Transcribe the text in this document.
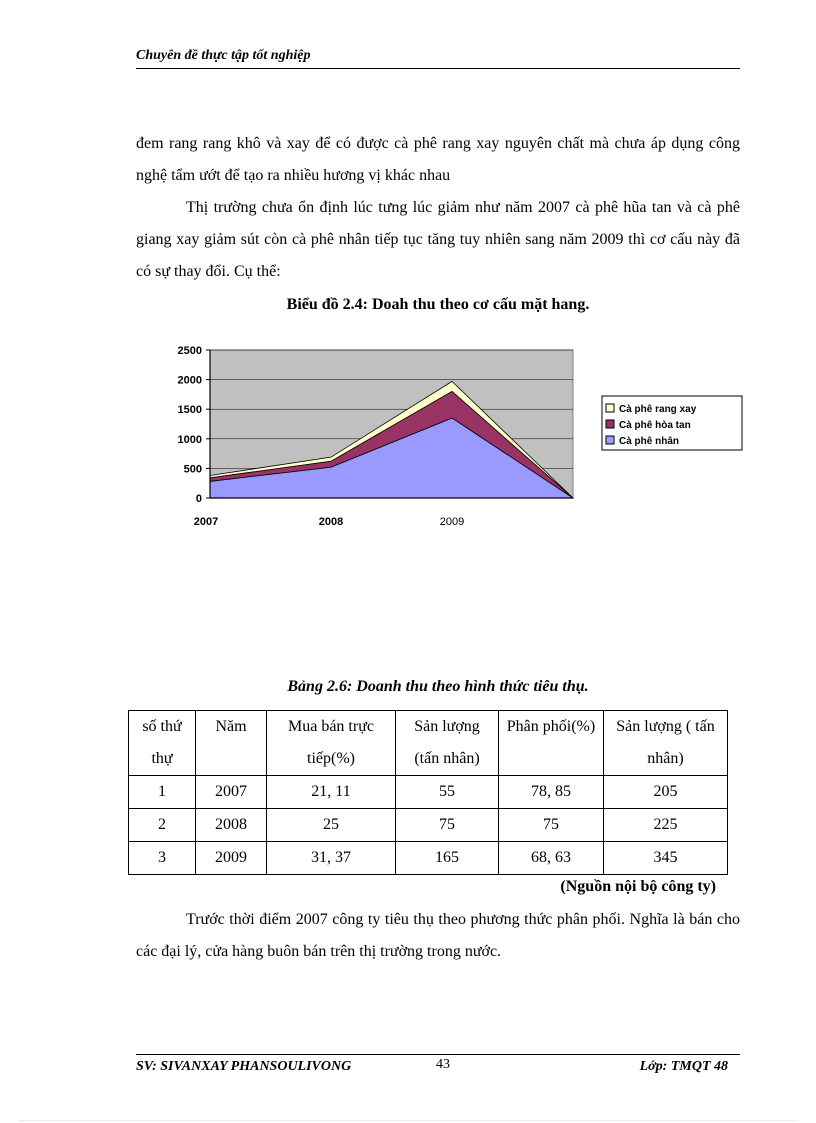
Chuyên đề thực tập tốt nghiệp
đem rang rang khô và xay để có được cà phê rang xay nguyên chất mà chưa áp dụng công nghệ tẩm ướt để tạo ra nhiều hương vị khác nhau
Thị trường chưa ổn định lúc tưng lúc giảm như năm 2007 cà phê hũa tan và cà phê giang xay giảm sút còn cà phê nhân tiếp tục tăng tuy nhiên sang năm 2009 thì cơ cấu này đã có sự thay đổi. Cụ thể:
Biểu đồ 2.4: Doah thu theo cơ cấu mặt hang.
0
500
1000
1500
2000
2500
2007	2008	2009
Cà phê rang xay
Cà phê hòa tan
Cà phê nhân
Bảng 2.6: Doanh thu theo hình thức tiêu thụ.
số thứ thự	Năm	Mua bán trực tiếp(%)	Sản lượng (tấn nhân)	Phân phối(%)	Sản lượng ( tấn nhân)
1	2007	21, 11	55	78, 85	205
2	2008	25	75	75	225
3	2009	31, 37	165	68, 63	345
(Nguồn nội bộ công ty)
Trước thời điểm 2007 công ty tiêu thụ theo phương thức phân phối. Nghĩa là bán cho các đại lý, cửa hàng buôn bán trên thị trường trong nước.
SV: SIVANXAY PHANSOULIVONG	43	Lớp: TMQT 48
